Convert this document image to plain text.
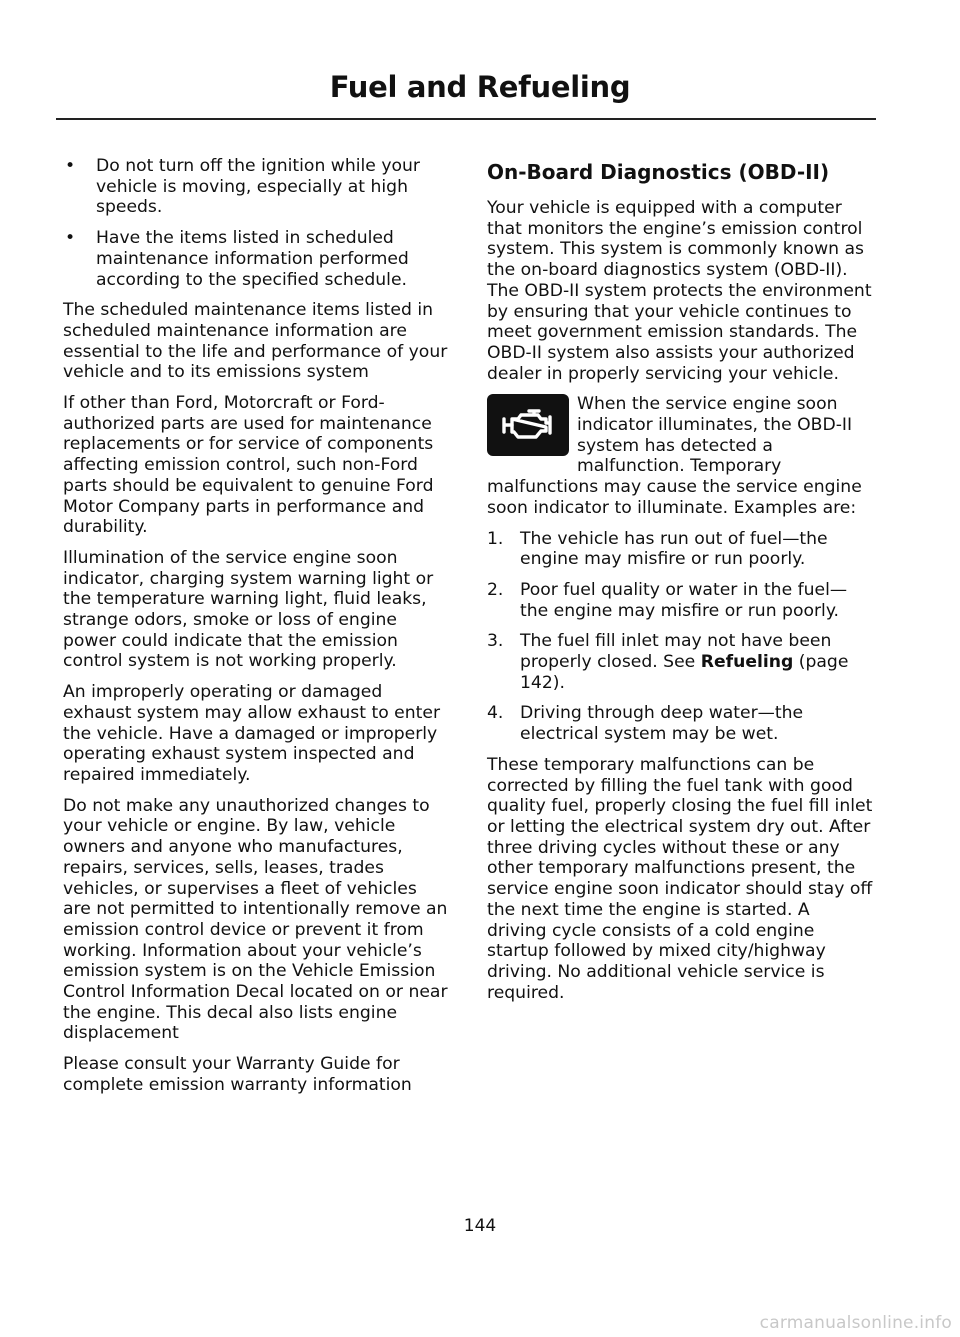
Fuel and Refueling
• Do not turn off the ignition while your vehicle is moving, especially at high speeds.
• Have the items listed in scheduled maintenance information performed according to the specified schedule.

The scheduled maintenance items listed in scheduled maintenance information are essential to the life and performance of your vehicle and to its emissions system

If other than Ford, Motorcraft or Ford-authorized parts are used for maintenance replacements or for service of components affecting emission control, such non-Ford parts should be equivalent to genuine Ford Motor Company parts in performance and durability.

Illumination of the service engine soon indicator, charging system warning light or the temperature warning light, fluid leaks, strange odors, smoke or loss of engine power could indicate that the emission control system is not working properly.

An improperly operating or damaged exhaust system may allow exhaust to enter the vehicle. Have a damaged or improperly operating exhaust system inspected and repaired immediately.

Do not make any unauthorized changes to your vehicle or engine. By law, vehicle owners and anyone who manufactures, repairs, services, sells, leases, trades vehicles, or supervises a fleet of vehicles are not permitted to intentionally remove an emission control device or prevent it from working. Information about your vehicle’s emission system is on the Vehicle Emission Control Information Decal located on or near the engine. This decal also lists engine displacement

Please consult your Warranty Guide for complete emission warranty information

On-Board Diagnostics (OBD-II)

Your vehicle is equipped with a computer that monitors the engine’s emission control system. This system is commonly known as the on-board diagnostics system (OBD-II). The OBD-II system protects the environment by ensuring that your vehicle continues to meet government emission standards. The OBD-II system also assists your authorized dealer in properly servicing your vehicle.

When the service engine soon indicator illuminates, the OBD-II system has detected a malfunction. Temporary malfunctions may cause the service engine soon indicator to illuminate. Examples are:

1. The vehicle has run out of fuel—the engine may misfire or run poorly.
2. Poor fuel quality or water in the fuel—the engine may misfire or run poorly.
3. The fuel fill inlet may not have been properly closed. See Refueling (page 142).
4. Driving through deep water—the electrical system may be wet.

These temporary malfunctions can be corrected by filling the fuel tank with good quality fuel, properly closing the fuel fill inlet or letting the electrical system dry out. After three driving cycles without these or any other temporary malfunctions present, the service engine soon indicator should stay off the next time the engine is started. A driving cycle consists of a cold engine startup followed by mixed city/highway driving. No additional vehicle service is required.

144
carmanualsonline.info
